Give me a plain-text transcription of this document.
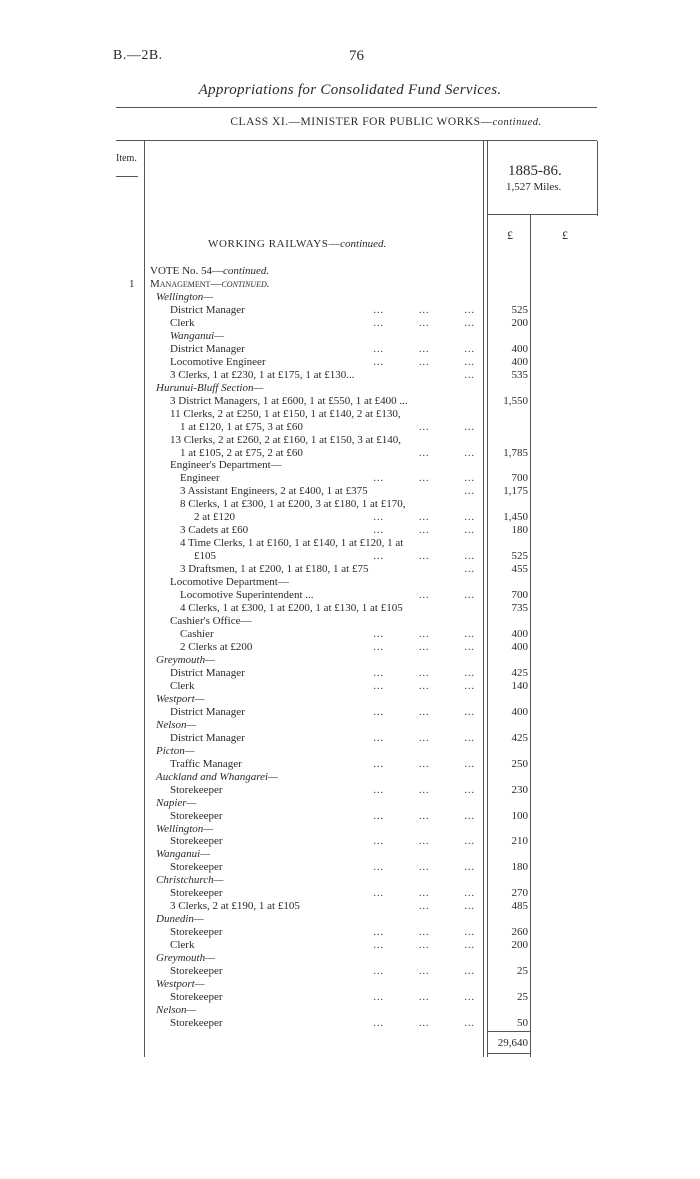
B.—2B.	76
Appropriations for Consolidated Fund Services.
CLASS XI.—MINISTER FOR PUBLIC WORKS—continued.
Item.
1885-86.
1,527 Miles.
£	£
WORKING RAILWAYS—continued.
VOTE No. 54—continued.
1 Management—continued.
Wellington—
District Manager	...          ...          ...	525
Clerk	...          ...          ...	200
Wanganui—
District Manager	...          ...          ...	400
Locomotive Engineer	...          ...          ...	400
3 Clerks, 1 at £230, 1 at £175, 1 at £130...	...	535
Hurunui-Bluff Section—
3 District Managers, 1 at £600, 1 at £550, 1 at £400 ...	1,550
11 Clerks, 2 at £250, 1 at £150, 1 at £140, 2 at £130,
1 at £120, 1 at £75, 3 at £60	...          ...
13 Clerks, 2 at £260, 2 at £160, 1 at £150, 3 at £140,
1 at £105, 2 at £75, 2 at £60	...          ...	1,785
Engineer's Department—
Engineer	...          ...          ...	700
3 Assistant Engineers, 2 at £400, 1 at £375	...	1,175
8 Clerks, 1 at £300, 1 at £200, 3 at £180, 1 at £170,
2 at £120	...          ...          ...	1,450
3 Cadets at £60	...          ...          ...	180
4 Time Clerks, 1 at £160, 1 at £140, 1 at £120, 1 at
£105	...          ...          ...	525
3 Draftsmen, 1 at £200, 1 at £180, 1 at £75	...	455
Locomotive Department—
Locomotive Superintendent ...	...          ...	700
4 Clerks, 1 at £300, 1 at £200, 1 at £130, 1 at £105	735
Cashier's Office—
Cashier	...          ...          ...	400
2 Clerks at £200	...          ...          ...	400
Greymouth—
District Manager	...          ...          ...	425
Clerk	...          ...          ...	140
Westport—
District Manager	...          ...          ...	400
Nelson—
District Manager	...          ...          ...	425
Picton—
Traffic Manager	...          ...          ...	250
Auckland and Whangarei—
Storekeeper	...          ...          ...	230
Napier—
Storekeeper	...          ...          ...	100
Wellington—
Storekeeper	...          ...          ...	210
Wanganui—
Storekeeper	...          ...          ...	180
Christchurch—
Storekeeper	...          ...          ...	270
3 Clerks, 2 at £190, 1 at £105	...          ...	485
Dunedin—
Storekeeper	...          ...          ...	260
Clerk	...          ...          ...	200
Greymouth—
Storekeeper	...          ...          ...	25
Westport—
Storekeeper	...          ...          ...	25
Nelson—
Storekeeper	...          ...          ...	50
29,640
